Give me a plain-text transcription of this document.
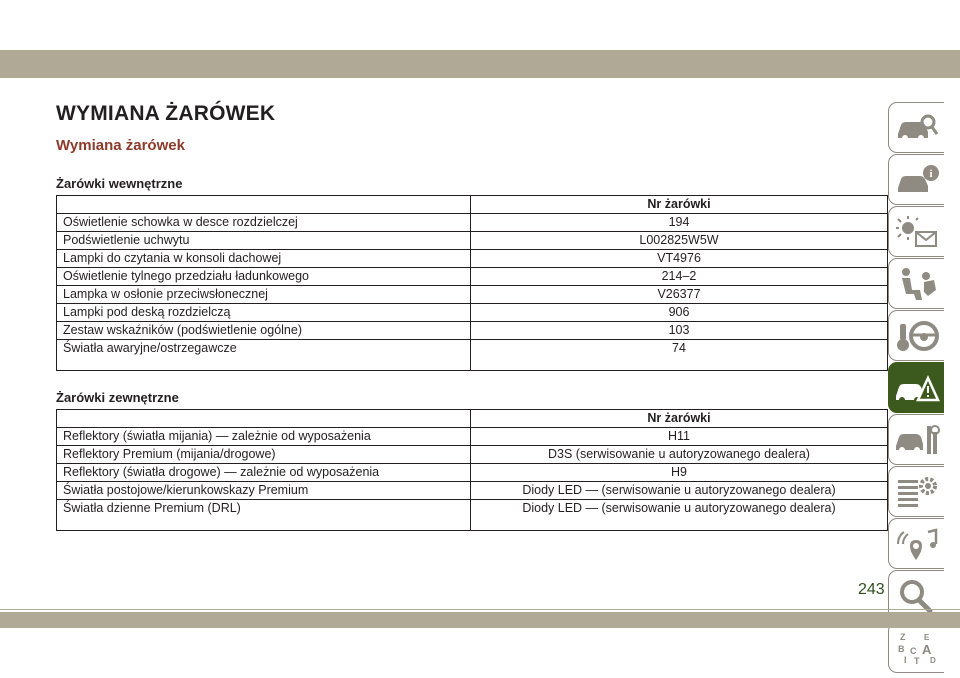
WYMIANA ŻARÓWEK
Wymiana żarówek
Żarówki wewnętrzne
	Nr żarówki
Oświetlenie schowka w desce rozdzielczej	194
Podświetlenie uchwytu	L002825W5W
Lampki do czytania w konsoli dachowej	VT4976
Oświetlenie tylnego przedziału ładunkowego	214–2
Lampka w osłonie przeciwsłonecznej	V26377
Lampki pod deską rozdzielczą	906
Zestaw wskaźników (podświetlenie ogólne)	103
Światła awaryjne/ostrzegawcze	74
Żarówki zewnętrzne
	Nr żarówki
Reflektory (światła mijania) — zależnie od wyposażenia	H11
Reflektory Premium (mijania/drogowe)	D3S (serwisowanie u autoryzowanego dealera)
Reflektory (światła drogowe) — zależnie od wyposażenia	H9
Światła postojowe/kierunkowskazy Premium	Diody LED — (serwisowanie u autoryzowanego dealera)
Światła dzienne Premium (DRL)	Diody LED — (serwisowanie u autoryzowanego dealera)
i
Z E
B A
C
I T D
243
